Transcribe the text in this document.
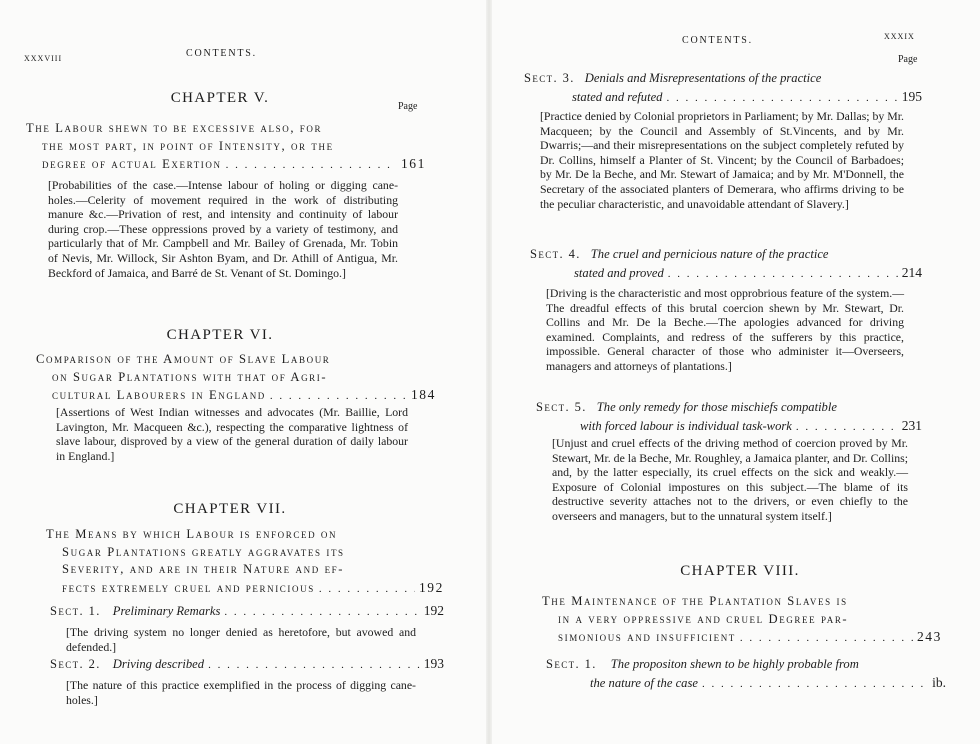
xxxviii	CONTENTS.
CHAPTER V.
Page
The Labour shewn to be excessive also, for
the most part, in point of Intensity, or the
degree of actual Exertion . . .	161

[Probabilities of the case.—Intense labour of holing or digging cane-holes.—Celerity of movement required in the work of distributing manure &c.—Privation of rest, and intensity and continuity of labour during crop.—These oppressions proved by a variety of testimony, and particularly that of Mr. Campbell and Mr. Bailey of Grenada, Mr. Tobin of Nevis, Mr. Willock, Sir Ashton Byam, and Dr. Athill of Antigua, Mr. Beckford of Jamaica, and Barré de St. Venant of St. Domingo.]

CHAPTER VI.
Comparison of the Amount of Slave Labour
on Sugar Plantations with that of Agri-
cultural Labourers in England . . .	184

[Assertions of West Indian witnesses and advocates (Mr. Baillie, Lord Lavington, Mr. Macqueen &c.), respecting the comparative lightness of slave labour, disproved by a view of the general duration of daily labour in England.]

CHAPTER VII.
The Means by which Labour is enforced on
Sugar Plantations greatly aggravates its
Severity, and are in their Nature and ef-
fects extremely cruel and pernicious . . .	192
Sect. 1. Preliminary Remarks . . .	192

[The driving system no longer denied as heretofore, but avowed and defended.]

Sect. 2. Driving described . . .	193

[The nature of this practice exemplified in the process of digging cane-holes.]

CONTENTS.	xxxix
Page
Sect. 3. Denials and Misrepresentations of the practice
stated and refuted . . .	195

[Practice denied by Colonial proprietors in Parliament; by Mr. Dallas; by Mr. Macqueen; by the Council and Assembly of St.Vincents, and by Mr. Dwarris;—and their misrepresentations on the subject completely refuted by Dr. Collins, himself a Planter of St. Vincent; by the Council of Barbadoes; by Mr. De la Beche, and Mr. Stewart of Jamaica; and by Mr. M'Donnell, the Secretary of the associated planters of Demerara, who affirms driving to be the peculiar characteristic, and unavoidable attendant of Slavery.]

Sect. 4. The cruel and pernicious nature of the practice
stated and proved . . .	214

[Driving is the characteristic and most opprobrious feature of the system.—The dreadful effects of this brutal coercion shewn by Mr. Stewart, Dr. Collins and Mr. De la Beche.—The apologies advanced for driving examined. Complaints, and redress of the sufferers by this practice, impossible. General character of those who administer it—Overseers, managers and attorneys of plantations.]

Sect. 5. The only remedy for those mischiefs compatible
with forced labour is individual task-work . . .	231

[Unjust and cruel effects of the driving method of coercion proved by Mr. Stewart, Mr. de la Beche, Mr. Roughley, a Jamaica planter, and Dr. Collins; and, by the latter especially, its cruel effects on the sick and weakly.—Exposure of Colonial impostures on this subject.—The blame of its destructive severity attaches not to the drivers, or even chiefly to the overseers and managers, but to the unnatural system itself.]

CHAPTER VIII.
The Maintenance of the Plantation Slaves is
in a very oppressive and cruel Degree par-
simonious and insufficient . . .	243
Sect. 1. The propositon shewn to be highly probable from
the nature of the case . . .	ib.
